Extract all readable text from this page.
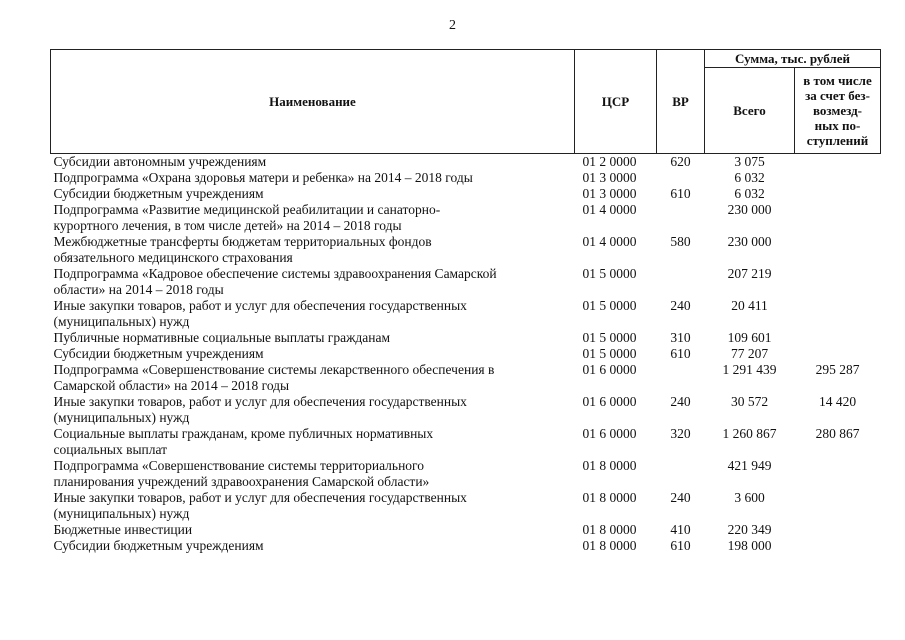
2
Наименование	ЦСР	ВР	Сумма, тыс. рублей	
			Всего	в том числе
за счет без-
возмезд-
ных по-
ступлений

Субсидии автономным учреждениям	01 2 0000	620	3 075	

Подпрограмма «Охрана здоровья матери и ребенка» на 2014 – 2018 годы	01 3 0000		6 032	

Субсидии бюджетным учреждениям	01 3 0000	610	6 032	

Подпрограмма «Развитие медицинской реабилитации и санаторно-
курортного лечения, в том числе детей» на 2014 – 2018 годы	01 4 0000		230 000	

Межбюджетные трансферты бюджетам территориальных фондов
обязательного медицинского страхования	01 4 0000	580	230 000	

Подпрограмма «Кадровое обеспечение системы здравоохранения Самарской
области» на 2014 – 2018 годы	01 5 0000		207 219	

Иные закупки товаров, работ и услуг для обеспечения государственных
(муниципальных) нужд	01 5 0000	240	20 411	

Публичные нормативные социальные выплаты гражданам	01 5 0000	310	109 601	

Субсидии бюджетным учреждениям	01 5 0000	610	77 207	

Подпрограмма «Совершенствование системы лекарственного обеспечения в
Самарской области» на 2014 – 2018 годы	01 6 0000		1 291 439	295 287

Иные закупки товаров, работ и услуг для обеспечения государственных
(муниципальных) нужд	01 6 0000	240	30 572	14 420

Социальные выплаты гражданам, кроме публичных нормативных
социальных выплат	01 6 0000	320	1 260 867	280 867

Подпрограмма «Совершенствование системы территориального
планирования учреждений здравоохранения Самарской области»	01 8 0000		421 949	

Иные закупки товаров, работ и услуг для обеспечения государственных
(муниципальных) нужд	01 8 0000	240	3 600	

Бюджетные инвестиции	01 8 0000	410	220 349	

Субсидии бюджетным учреждениям	01 8 0000	610	198 000	
